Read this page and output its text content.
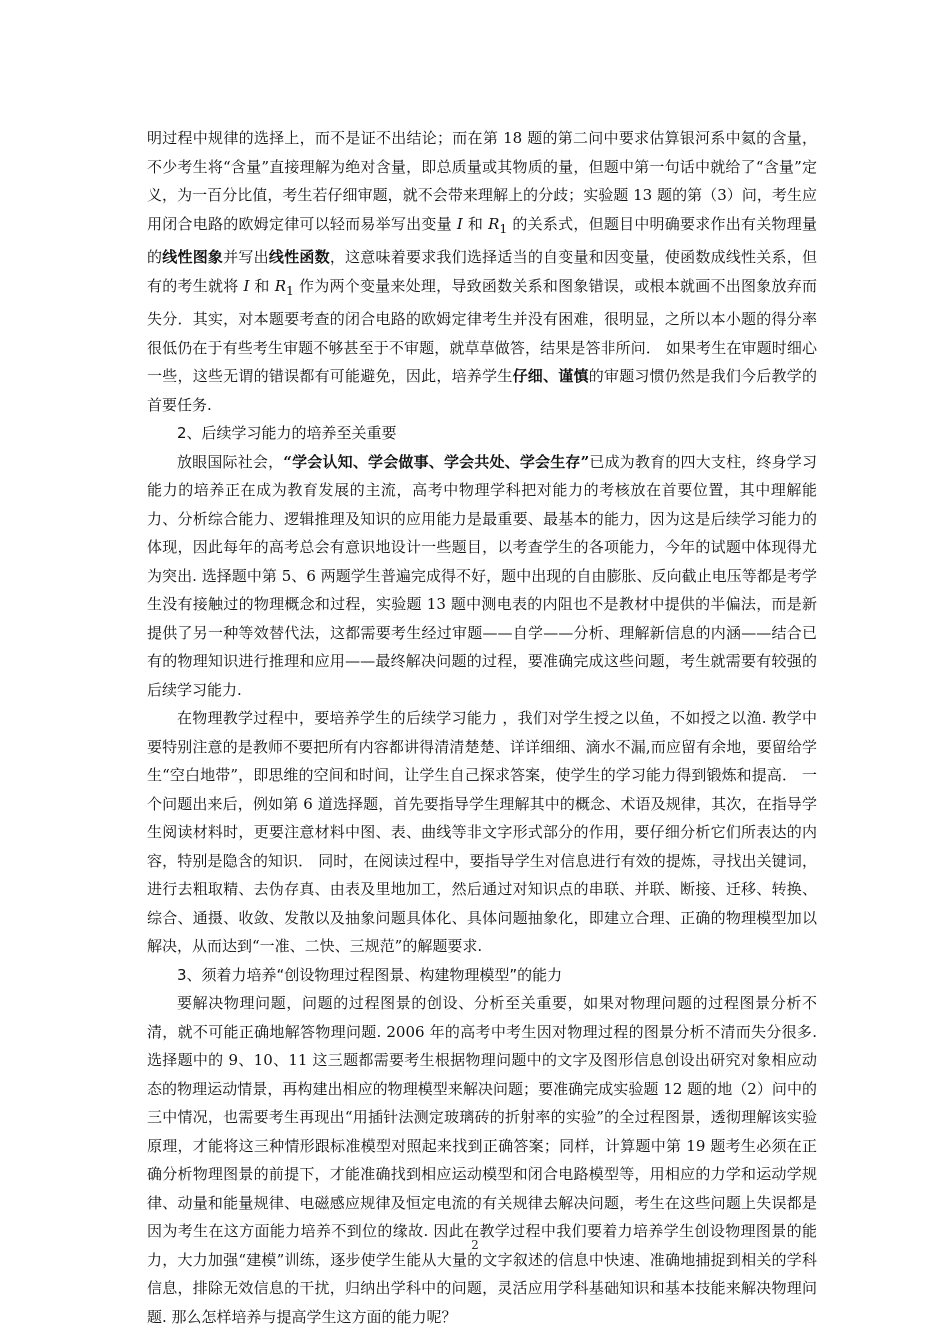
明过程中规律的选择上，而不是证不出结论；而在第 18 题的第二问中要求估算银河系中氦的含量，不少考生将“含量”直接理解为绝对含量，即总质量或其物质的量，但题中第一句话中就给了“含量”定义，为一百分比值，考生若仔细审题，就不会带来理解上的分歧；实验题 13 题的第（3）问，考生应用闭合电路的欧姆定律可以轻而易举写出变量 I 和 $R_1$ 的关系式，但题目中明确要求作出有关物理量的线性图象并写出线性函数，这意味着要求我们选择适当的自变量和因变量，使函数成线性关系，但有的考生就将 I 和 $R_1$ 作为两个变量来处理，导致函数关系和图象错误，或根本就画不出图象放弃而失分．其实，对本题要考查的闭合电路的欧姆定律考生并没有困难，很明显，之所以本小题的得分率很低仍在于有些考生审题不够甚至于不审题，就草草做答，结果是答非所问． 如果考生在审题时细心一些，这些无谓的错误都有可能避免，因此，培养学生仔细、谨慎的审题习惯仍然是我们今后教学的首要任务.

2、后续学习能力的培养至关重要

放眼国际社会，“学会认知、学会做事、学会共处、学会生存”已成为教育的四大支柱，终身学习能力的培养正在成为教育发展的主流，高考中物理学科把对能力的考核放在首要位置，其中理解能力、分析综合能力、逻辑推理及知识的应用能力是最重要、最基本的能力，因为这是后续学习能力的体现，因此每年的高考总会有意识地设计一些题目，以考查学生的各项能力，今年的试题中体现得尤为突出. 选择题中第 5、6 两题学生普遍完成得不好，题中出现的自由膨胀、反向截止电压等都是考学生没有接触过的物理概念和过程，实验题 13 题中测电表的内阻也不是教材中提供的半偏法，而是新提供了另一种等效替代法，这都需要考生经过审题——自学——分析、理解新信息的内涵——结合已有的物理知识进行推理和应用——最终解决问题的过程，要准确完成这些问题，考生就需要有较强的后续学习能力.

在物理教学过程中，要培养学生的后续学习能力 ，我们对学生授之以鱼，不如授之以渔. 教学中要特别注意的是教师不要把所有内容都讲得清清楚楚、详详细细、滴水不漏,而应留有余地，要留给学生“空白地带”，即思维的空间和时间，让学生自己探求答案，使学生的学习能力得到锻炼和提高． 一个问题出来后，例如第 6 道选择题，首先要指导学生理解其中的概念、术语及规律，其次，在指导学生阅读材料时，更要注意材料中图、表、曲线等非文字形式部分的作用，要仔细分析它们所表达的内容，特别是隐含的知识． 同时，在阅读过程中，要指导学生对信息进行有效的提炼，寻找出关键词，进行去粗取精、去伪存真、由表及里地加工，然后通过对知识点的串联、并联、断接、迁移、转换、综合、通摄、收敛、发散以及抽象问题具体化、具体问题抽象化，即建立合理、正确的物理模型加以解决，从而达到“一准、二快、三规范”的解题要求.

3、须着力培养“创设物理过程图景、构建物理模型”的能力

要解决物理问题，问题的过程图景的创设、分析至关重要，如果对物理问题的过程图景分析不清，就不可能正确地解答物理问题. 2006 年的高考中考生因对物理过程的图景分析不清而失分很多. 选择题中的 9、10、11 这三题都需要考生根据物理问题中的文字及图形信息创设出研究对象相应动态的物理运动情景，再构建出相应的物理模型来解决问题；要准确完成实验题 12 题的地（2）问中的三中情况，也需要考生再现出“用插针法测定玻璃砖的折射率的实验”的全过程图景，透彻理解该实验原理，才能将这三种情形跟标准模型对照起来找到正确答案；同样，计算题中第 19 题考生必须在正确分析物理图景的前提下，才能准确找到相应运动模型和闭合电路模型等，用相应的力学和运动学规律、动量和能量规律、电磁感应规律及恒定电流的有关规律去解决问题，考生在这些问题上失误都是因为考生在这方面能力培养不到位的缘故. 因此在教学过程中我们要着力培养学生创设物理图景的能力，大力加强“建模”训练，逐步使学生能从大量的文字叙述的信息中快速、准确地捕捉到相关的学科信息，排除无效信息的干扰，归纳出学科中的问题，灵活应用学科基础知识和基本技能来解决物理问题. 那么怎样培养与提高学生这方面的能力呢？

2
